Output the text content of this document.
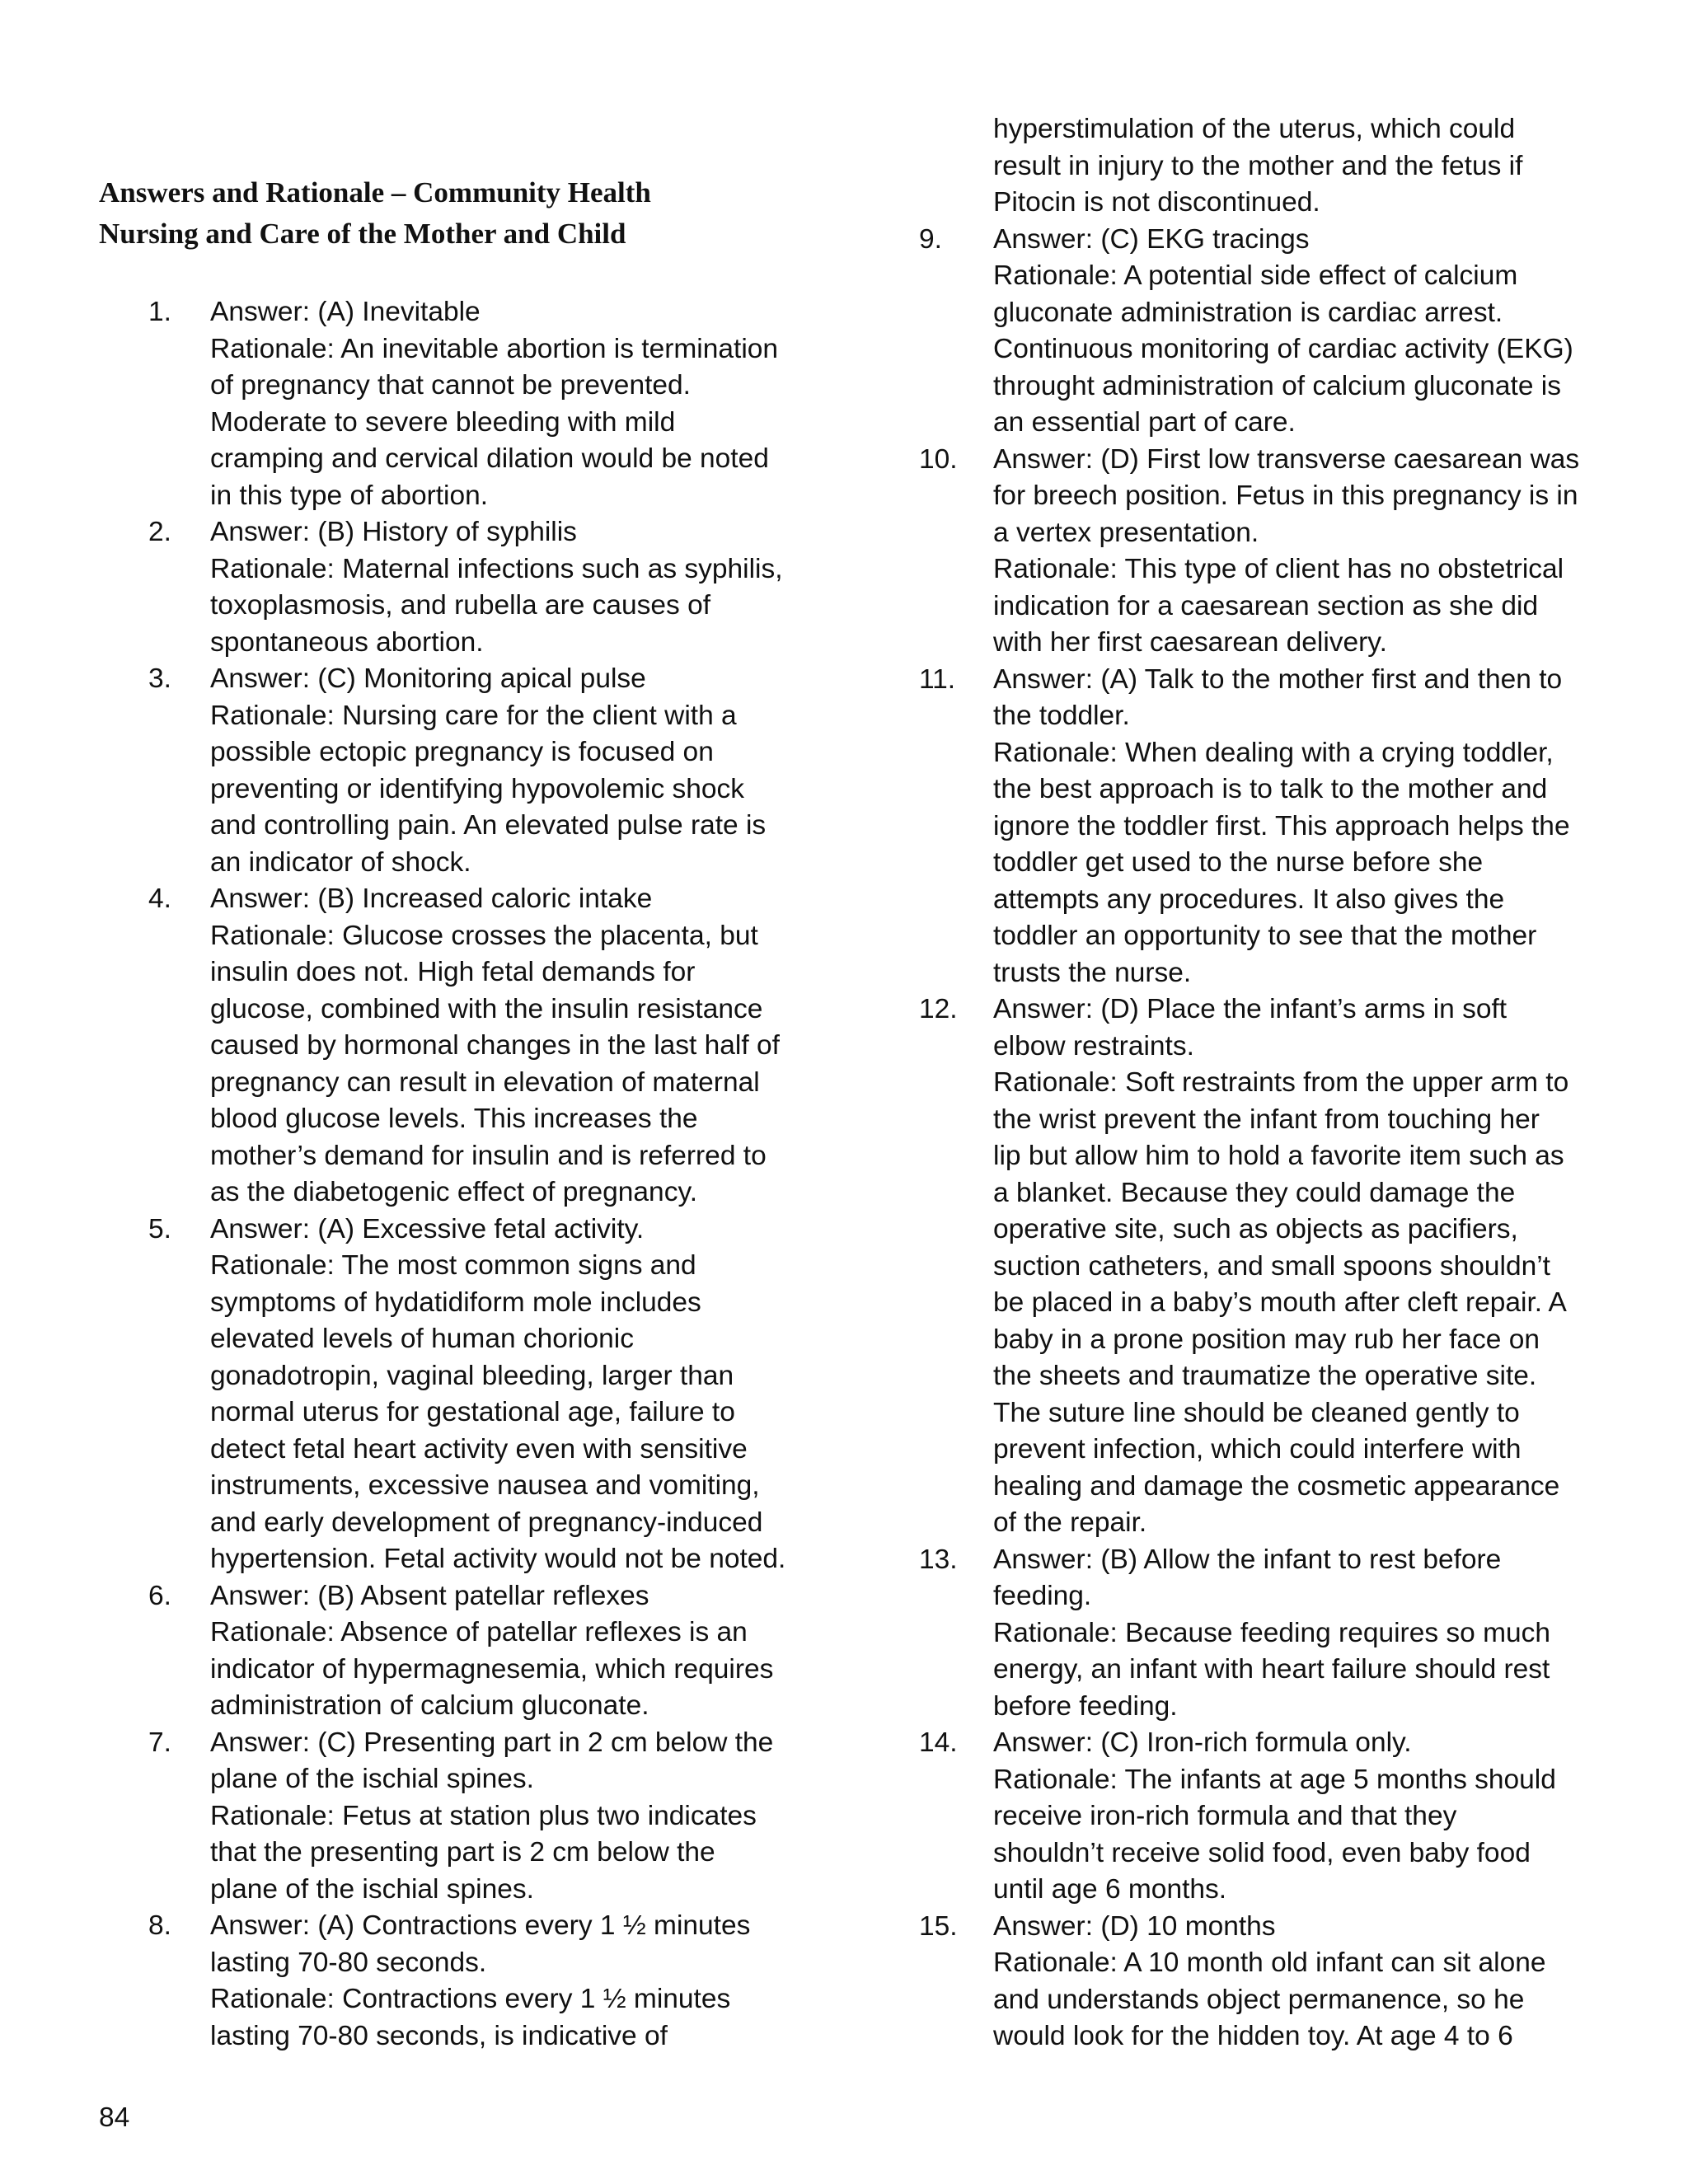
Answers and Rationale – Community Health
Nursing and Care of the Mother and Child
1. Answer: (A) Inevitable
Rationale: An inevitable abortion is termination
of pregnancy that cannot be prevented.
Moderate to severe bleeding with mild
cramping and cervical dilation would be noted
in this type of abortion.
2. Answer: (B) History of syphilis
Rationale: Maternal infections such as syphilis,
toxoplasmosis, and rubella are causes of
spontaneous abortion.
3. Answer: (C) Monitoring apical pulse
Rationale: Nursing care for the client with a
possible ectopic pregnancy is focused on
preventing or identifying hypovolemic shock
and controlling pain. An elevated pulse rate is
an indicator of shock.
4. Answer: (B) Increased caloric intake
Rationale: Glucose crosses the placenta, but
insulin does not. High fetal demands for
glucose, combined with the insulin resistance
caused by hormonal changes in the last half of
pregnancy can result in elevation of maternal
blood glucose levels. This increases the
mother’s demand for insulin and is referred to
as the diabetogenic effect of pregnancy.
5. Answer: (A) Excessive fetal activity.
Rationale: The most common signs and
symptoms of hydatidiform mole includes
elevated levels of human chorionic
gonadotropin, vaginal bleeding, larger than
normal uterus for gestational age, failure to
detect fetal heart activity even with sensitive
instruments, excessive nausea and vomiting,
and early development of pregnancy-induced
hypertension. Fetal activity would not be noted.
6. Answer: (B) Absent patellar reflexes
Rationale: Absence of patellar reflexes is an
indicator of hypermagnesemia, which requires
administration of calcium gluconate.
7. Answer: (C) Presenting part in 2 cm below the
plane of the ischial spines.
Rationale: Fetus at station plus two indicates
that the presenting part is 2 cm below the
plane of the ischial spines.
8. Answer: (A) Contractions every 1 ½ minutes
lasting 70-80 seconds.
Rationale: Contractions every 1 ½ minutes
lasting 70-80 seconds, is indicative of
hyperstimulation of the uterus, which could
result in injury to the mother and the fetus if
Pitocin is not discontinued.
9. Answer: (C) EKG tracings
Rationale: A potential side effect of calcium
gluconate administration is cardiac arrest.
Continuous monitoring of cardiac activity (EKG)
throught administration of calcium gluconate is
an essential part of care.
10. Answer: (D) First low transverse caesarean was
for breech position. Fetus in this pregnancy is in
a vertex presentation.
Rationale: This type of client has no obstetrical
indication for a caesarean section as she did
with her first caesarean delivery.
11. Answer: (A) Talk to the mother first and then to
the toddler.
Rationale: When dealing with a crying toddler,
the best approach is to talk to the mother and
ignore the toddler first. This approach helps the
toddler get used to the nurse before she
attempts any procedures. It also gives the
toddler an opportunity to see that the mother
trusts the nurse.
12. Answer: (D) Place the infant’s arms in soft
elbow restraints.
Rationale: Soft restraints from the upper arm to
the wrist prevent the infant from touching her
lip but allow him to hold a favorite item such as
a blanket. Because they could damage the
operative site, such as objects as pacifiers,
suction catheters, and small spoons shouldn’t
be placed in a baby’s mouth after cleft repair. A
baby in a prone position may rub her face on
the sheets and traumatize the operative site.
The suture line should be cleaned gently to
prevent infection, which could interfere with
healing and damage the cosmetic appearance
of the repair.
13. Answer: (B) Allow the infant to rest before
feeding.
Rationale: Because feeding requires so much
energy, an infant with heart failure should rest
before feeding.
14. Answer: (C) Iron-rich formula only.
Rationale: The infants at age 5 months should
receive iron-rich formula and that they
shouldn’t receive solid food, even baby food
until age 6 months.
15. Answer: (D) 10 months
Rationale: A 10 month old infant can sit alone
and understands object permanence, so he
would look for the hidden toy. At age 4 to 6
84
